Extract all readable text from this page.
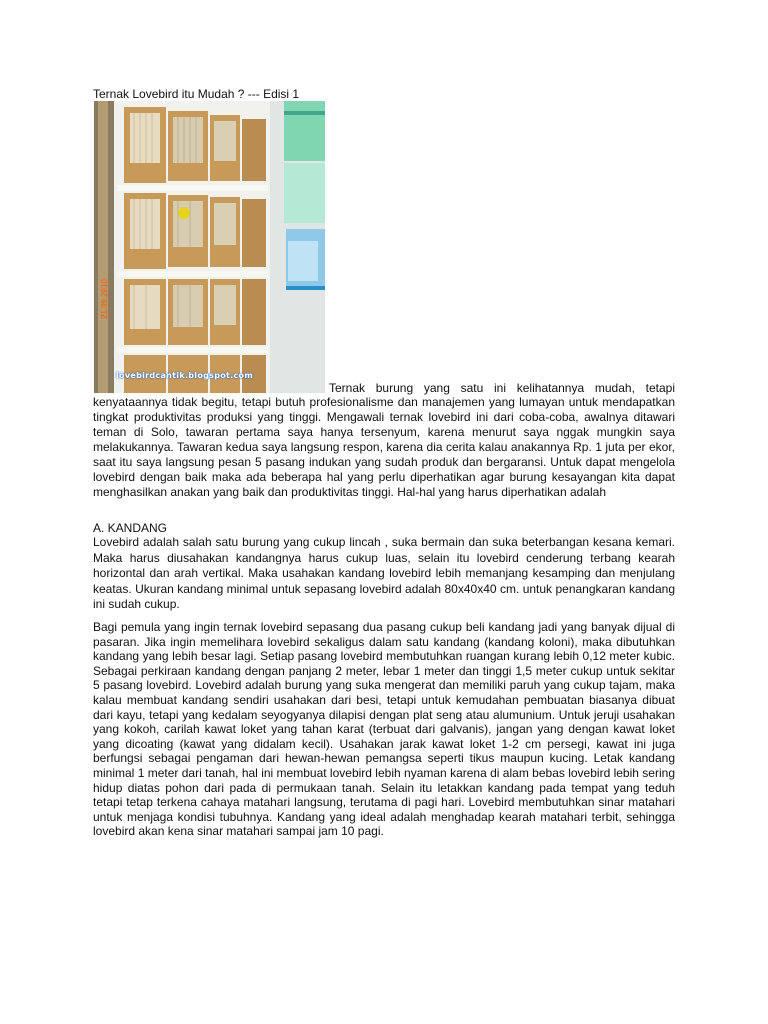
Ternak Lovebird itu Mudah ? --- Edisi 1
21.09.2010
lovebirdcantik.blogspot.com
Ternak burung yang satu ini kelihatannya mudah, tetapi

kenyataannya tidak begitu, tetapi butuh profesionalisme dan manajemen yang lumayan untuk mendapatkan tingkat produktivitas produksi yang tinggi. Mengawali ternak lovebird ini dari coba-coba, awalnya ditawari teman di Solo, tawaran pertama saya hanya tersenyum, karena menurut saya nggak mungkin saya melakukannya. Tawaran kedua saya langsung respon, karena dia cerita kalau anakannya Rp. 1 juta per ekor, saat itu saya langsung pesan 5 pasang indukan yang sudah produk dan bergaransi. Untuk dapat mengelola lovebird dengan baik maka ada beberapa hal yang perlu diperhatikan agar burung kesayangan kita dapat menghasilkan anakan yang baik dan produktivitas tinggi. Hal-hal yang harus diperhatikan adalah

A. KANDANG

Lovebird adalah salah satu burung yang cukup lincah , suka bermain dan suka beterbangan kesana kemari. Maka harus diusahakan kandangnya harus cukup luas, selain itu lovebird cenderung terbang kearah horizontal dan arah vertikal. Maka usahakan kandang lovebird lebih memanjang kesamping dan menjulang keatas. Ukuran kandang minimal untuk sepasang lovebird adalah 80x40x40 cm. untuk penangkaran kandang ini sudah cukup.

Bagi pemula yang ingin ternak lovebird sepasang dua pasang cukup beli kandang jadi yang banyak dijual di pasaran. Jika ingin memelihara lovebird sekaligus dalam satu kandang (kandang koloni), maka dibutuhkan kandang yang lebih besar lagi. Setiap pasang lovebird membutuhkan ruangan kurang lebih 0,12 meter kubic. Sebagai perkiraan kandang dengan panjang 2 meter, lebar 1 meter dan tinggi 1,5 meter cukup untuk sekitar 5 pasang lovebird. Lovebird adalah burung yang suka mengerat dan memiliki paruh yang cukup tajam, maka kalau membuat kandang sendiri usahakan dari besi, tetapi untuk kemudahan pembuatan biasanya dibuat dari kayu, tetapi yang kedalam seyogyanya dilapisi dengan plat seng atau alumunium. Untuk jeruji usahakan yang kokoh, carilah kawat loket yang tahan karat (terbuat dari galvanis), jangan yang dengan kawat loket yang dicoating (kawat yang didalam kecil). Usahakan jarak kawat loket 1-2 cm persegi, kawat ini juga berfungsi sebagai pengaman dari hewan-hewan pemangsa seperti tikus maupun kucing. Letak kandang minimal 1 meter dari tanah, hal ini membuat lovebird lebih nyaman karena di alam bebas lovebird lebih sering hidup diatas pohon dari pada di permukaan tanah. Selain itu letakkan kandang pada tempat yang teduh tetapi tetap terkena cahaya matahari langsung, terutama di pagi hari. Lovebird membutuhkan sinar matahari untuk menjaga kondisi tubuhnya. Kandang yang ideal adalah menghadap kearah matahari terbit, sehingga lovebird akan kena sinar matahari sampai jam 10 pagi.
